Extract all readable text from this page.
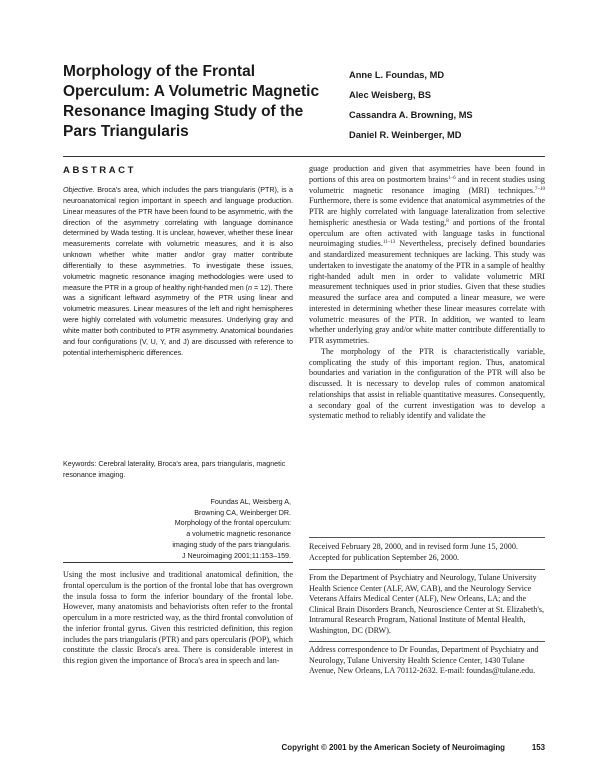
Morphology of the Frontal Operculum: A Volumetric Magnetic Resonance Imaging Study of the Pars Triangularis
Anne L. Foundas, MD
Alec Weisberg, BS
Cassandra A. Browning, MS
Daniel R. Weinberger, MD
ABSTRACT

Objective. Broca's area, which includes the pars triangularis (PTR), is a neuroanatomical region important in speech and language production. Linear measures of the PTR have been found to be asymmetric, with the direction of the asymmetry correlating with language dominance determined by Wada testing. It is unclear, however, whether these linear measurements correlate with volumetric measures, and it is also unknown whether white matter and/or gray matter contribute differentially to these asymmetries. To investigate these issues, volumetric magnetic resonance imaging methodologies were used to measure the PTR in a group of healthy right-handed men (n = 12). There was a significant leftward asymmetry of the PTR using linear and volumetric measures. Linear measures of the left and right hemispheres were highly correlated with volumetric measures. Underlying gray and white matter both contributed to PTR asymmetry. Anatomical boundaries and four configurations (V, U, Y, and J) are discussed with reference to potential interhemispheric differences.

Keywords: Cerebral laterality, Broca's area, pars triangularis, magnetic resonance imaging.

Foundas AL, Weisberg A,
Browning CA, Weinberger DR.
Morphology of the frontal operculum:
a volumetric magnetic resonance
imaging study of the pars triangularis.
J Neuroimaging 2001;11:153–159.

Using the most inclusive and traditional anatomical definition, the frontal operculum is the portion of the frontal lobe that has overgrown the insula fossa to form the inferior boundary of the frontal lobe. However, many anatomists and behaviorists often refer to the frontal operculum in a more restricted way, as the third frontal convolution of the inferior frontal gyrus. Given this restricted definition, this region includes the pars triangularis (PTR) and pars opercularis (POP), which constitute the classic Broca's area. There is considerable interest in this region given the importance of Broca's area in speech and lan-

guage production and given that asymmetries have been found in portions of this area on postmortem brains$^{1-6}$ and in recent studies using volumetric magnetic resonance imaging (MRI) techniques.$^{7-10}$ Furthermore, there is some evidence that anatomical asymmetries of the PTR are highly correlated with language lateralization from selective hemispheric anesthesia or Wada testing,$^8$ and portions of the frontal operculum are often activated with language tasks in functional neuroimaging studies.$^{11-13}$ Nevertheless, precisely defined boundaries and standardized measurement techniques are lacking. This study was undertaken to investigate the anatomy of the PTR in a sample of healthy right-handed adult men in order to validate volumetric MRI measurement techniques used in prior studies. Given that these studies measured the surface area and computed a linear measure, we were interested in determining whether these linear measures correlate with volumetric measures of the PTR. In addition, we wanted to learn whether underlying gray and/or white matter contribute differentially to PTR asymmetries.

The morphology of the PTR is characteristically variable, complicating the study of this important region. Thus, anatomical boundaries and variation in the configuration of the PTR will also be discussed. It is necessary to develop rules of common anatomical relationships that assist in reliable quantitative measures. Consequently, a secondary goal of the current investigation was to develop a systematic method to reliably identify and validate the

Received February 28, 2000, and in revised form June 15, 2000. Accepted for publication September 26, 2000.

From the Department of Psychiatry and Neurology, Tulane University Health Science Center (ALF, AW, CAB), and the Neurology Service Veterans Affairs Medical Center (ALF), New Orleans, LA; and the Clinical Brain Disorders Branch, Neuroscience Center at St. Elizabeth's, Intramural Research Program, National Institute of Mental Health, Washington, DC (DRW).

Address correspondence to Dr Foundas, Department of Psychiatry and Neurology, Tulane University Health Science Center, 1430 Tulane Avenue, New Orleans, LA 70112-2632. E-mail: foundas@tulane.edu.

Copyright © 2001 by the American Society of Neuroimaging	153
